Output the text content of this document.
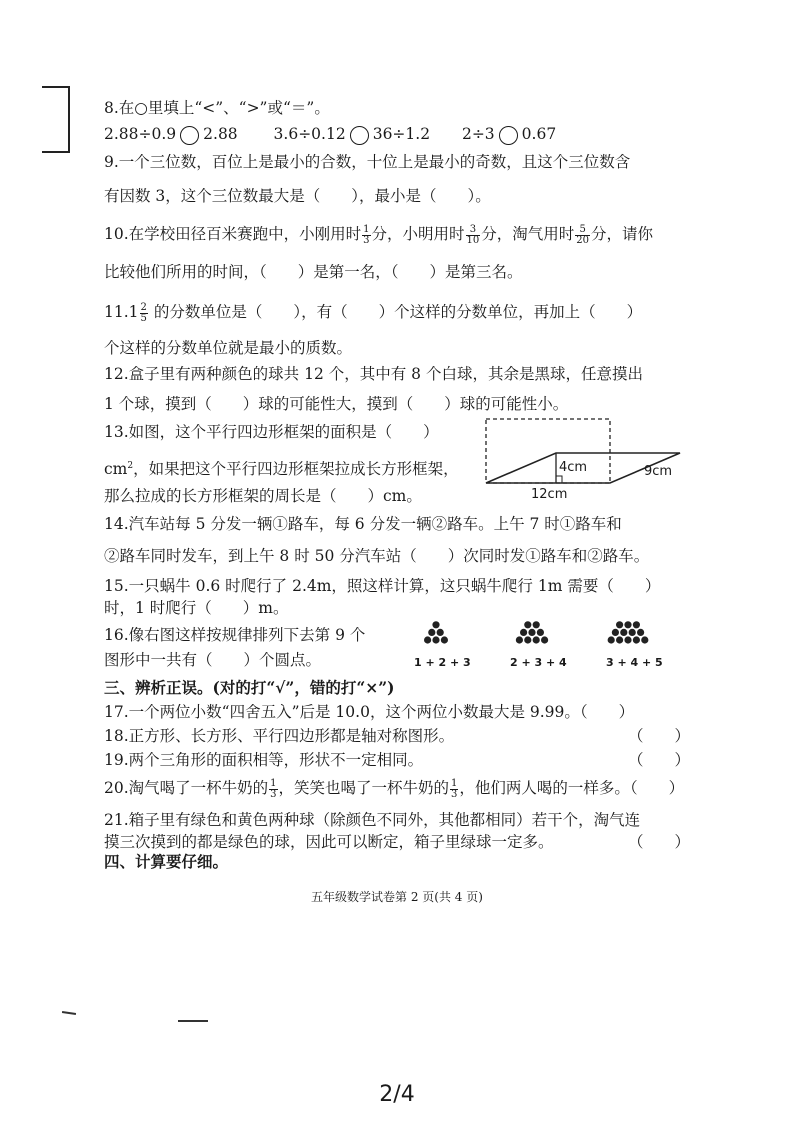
8.在○里填上“<”、“>”或“＝”。
2.88÷0.9 2.88 3.6÷0.12 36÷1.2 2÷3 0.67
9.一个三位数，百位上是最小的合数，十位上是最小的奇数，且这个三位数含
有因数 3，这个三位数最大是（　　），最小是（　　）。
10.在学校田径百米赛跑中，小刚用时 $\frac{1}{3}$ 分，小明用时 $\frac{3}{10}$ 分，淘气用时 $\frac{5}{20}$ 分，请你
比较他们所用的时间，（　　）是第一名，（　　）是第三名。
$11.1 \frac{2}{5}$ 的分数单位是（　　），有（　　）个这样的分数单位，再加上（　　）
个这样的分数单位就是最小的质数。
12.盒子里有两种颜色的球共 12 个，其中有 8 个白球，其余是黑球，任意摸出
1 个球，摸到（　　）球的可能性大，摸到（　　）球的可能性小。
13.如图，这个平行四边形框架的面积是（　　）
$cm^2$，如果把这个平行四边形框架拉成长方形框架，
那么拉成的长方形框架的周长是（　　）cm。
4cm	9cm
12cm
14.汽车站每 5 分发一辆①路车，每 6 分发一辆②路车。上午 7 时①路车和
②路车同时发车，到上午 8 时 50 分汽车站（　　）次同时发①路车和②路车。
15.一只蜗牛 0.6 时爬行了 2.4m，照这样计算，这只蜗牛爬行 1m 需要（　　）
时，1 时爬行（　　）m。
16.像右图这样按规律排列下去第 9 个
图形中一共有（　　）个圆点。	1 + 2 + 3	2 + 3 + 4	3 + 4 + 5
三、辨析正误。(对的打“√”，错的打“×”)
17.一个两位小数“四舍五入”后是 10.0，这个两位小数最大是 9.99。（　　）
18.正方形、长方形、平行四边形都是轴对称图形。	（　　）
19.两个三角形的面积相等，形状不一定相同。	（　　）
20.淘气喝了一杯牛奶的 $\frac{1}{3}$ ，笑笑也喝了一杯牛奶的 $\frac{1}{3}$ ，他们两人喝的一样多。（　　）
21.箱子里有绿色和黄色两种球（除颜色不同外，其他都相同）若干个，淘气连
摸三次摸到的都是绿色的球，因此可以断定，箱子里绿球一定多。	（　　）
四、计算要仔细。
五年级数学试卷第 2 页(共 4 页)
2/4
